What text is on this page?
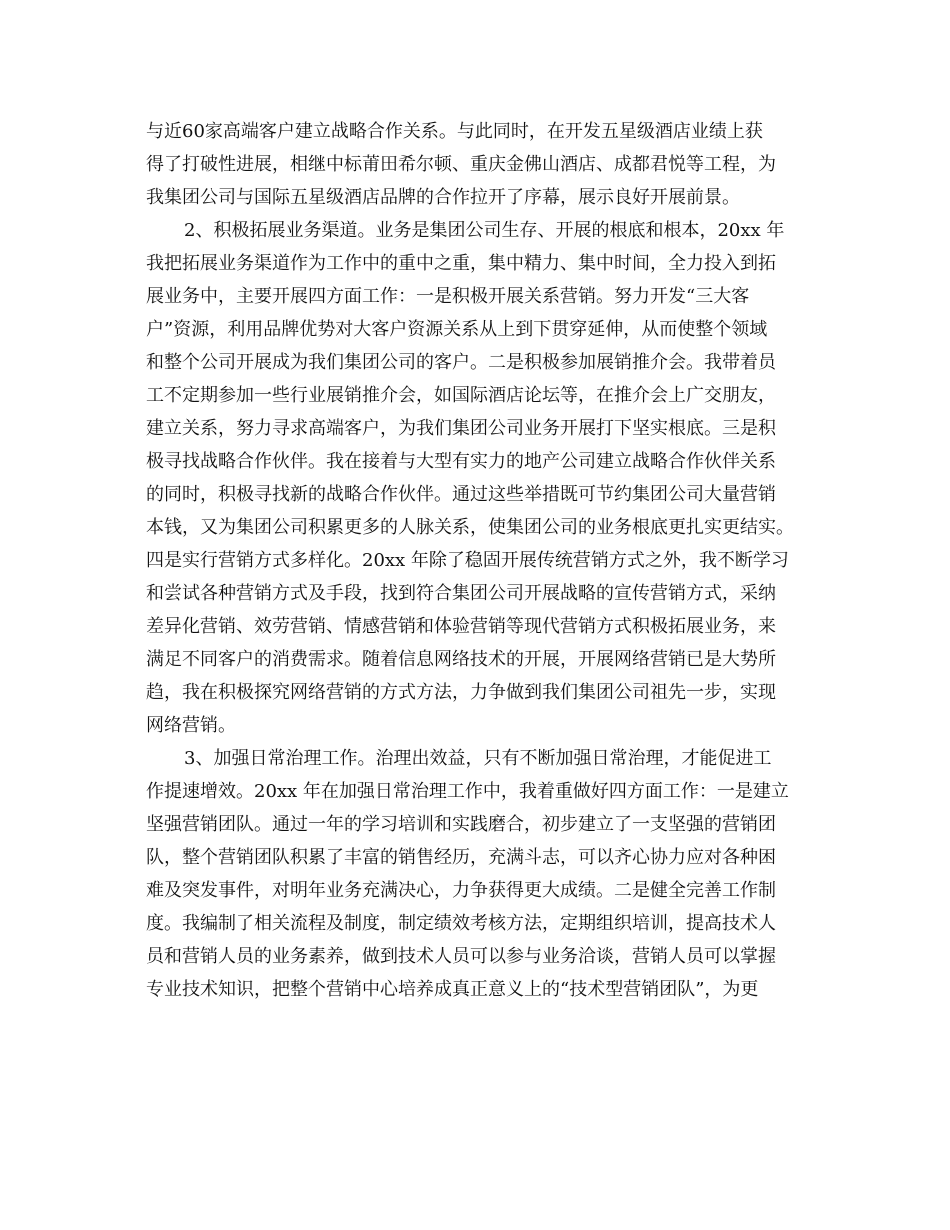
与近60家高端客户建立战略合作关系。与此同时，在开发五星级酒店业绩上获
得了打破性进展，相继中标莆田希尔顿、重庆金佛山酒店、成都君悦等工程，为
我集团公司与国际五星级酒店品牌的合作拉开了序幕，展示良好开展前景。
2、积极拓展业务渠道。业务是集团公司生存、开展的根底和根本，20xx 年
我把拓展业务渠道作为工作中的重中之重，集中精力、集中时间，全力投入到拓
展业务中，主要开展四方面工作：一是积极开展关系营销。努力开发“三大客
户”资源，利用品牌优势对大客户资源关系从上到下贯穿延伸，从而使整个领域
和整个公司开展成为我们集团公司的客户。二是积极参加展销推介会。我带着员
工不定期参加一些行业展销推介会，如国际酒店论坛等，在推介会上广交朋友，
建立关系，努力寻求高端客户，为我们集团公司业务开展打下坚实根底。三是积
极寻找战略合作伙伴。我在接着与大型有实力的地产公司建立战略合作伙伴关系
的同时，积极寻找新的战略合作伙伴。通过这些举措既可节约集团公司大量营销
本钱，又为集团公司积累更多的人脉关系，使集团公司的业务根底更扎实更结实。
四是实行营销方式多样化。20xx 年除了稳固开展传统营销方式之外，我不断学习
和尝试各种营销方式及手段，找到符合集团公司开展战略的宣传营销方式，采纳
差异化营销、效劳营销、情感营销和体验营销等现代营销方式积极拓展业务，来
满足不同客户的消费需求。随着信息网络技术的开展，开展网络营销已是大势所
趋，我在积极探究网络营销的方式方法，力争做到我们集团公司祖先一步，实现
网络营销。
3、加强日常治理工作。治理出效益，只有不断加强日常治理，才能促进工
作提速增效。20xx 年在加强日常治理工作中，我着重做好四方面工作：一是建立
坚强营销团队。通过一年的学习培训和实践磨合，初步建立了一支坚强的营销团
队，整个营销团队积累了丰富的销售经历，充满斗志，可以齐心协力应对各种困
难及突发事件，对明年业务充满决心，力争获得更大成绩。二是健全完善工作制
度。我编制了相关流程及制度，制定绩效考核方法，定期组织培训，提高技术人
员和营销人员的业务素养，做到技术人员可以参与业务洽谈，营销人员可以掌握
专业技术知识，把整个营销中心培养成真正意义上的“技术型营销团队”，为更
